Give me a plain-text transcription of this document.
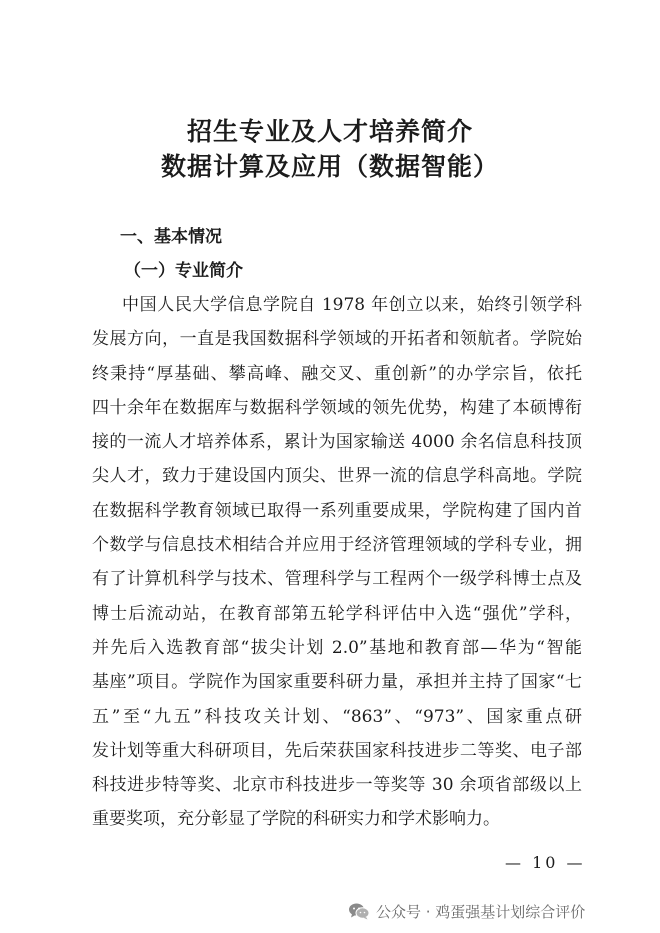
招生专业及人才培养简介
数据计算及应用（数据智能）
一、基本情况
（一）专业简介
中国人民大学信息学院自 1978 年创立以来，始终引领学科
发展方向，一直是我国数据科学领域的开拓者和领航者。学院始
终秉持“厚基础、攀高峰、融交叉、重创新”的办学宗旨，依托
四十余年在数据库与数据科学领域的领先优势，构建了本硕博衔
接的一流人才培养体系，累计为国家输送 4000 余名信息科技顶
尖人才，致力于建设国内顶尖、世界一流的信息学科高地。学院
在数据科学教育领域已取得一系列重要成果，学院构建了国内首
个数学与信息技术相结合并应用于经济管理领域的学科专业，拥
有了计算机科学与技术、管理科学与工程两个一级学科博士点及
博士后流动站，在教育部第五轮学科评估中入选“强优”学科，
并先后入选教育部“拔尖计划 2.0”基地和教育部—华为“智能
基座”项目。学院作为国家重要科研力量，承担并主持了国家“七
五”至“九五”科技攻关计划、“863”、“973”、国家重点研
发计划等重大科研项目，先后荣获国家科技进步二等奖、电子部
科技进步特等奖、北京市科技进步一等奖等 30 余项省部级以上
重要奖项，充分彰显了学院的科研实力和学术影响力。
— 10 —
公众号 · 鸡蛋强基计划综合评价
